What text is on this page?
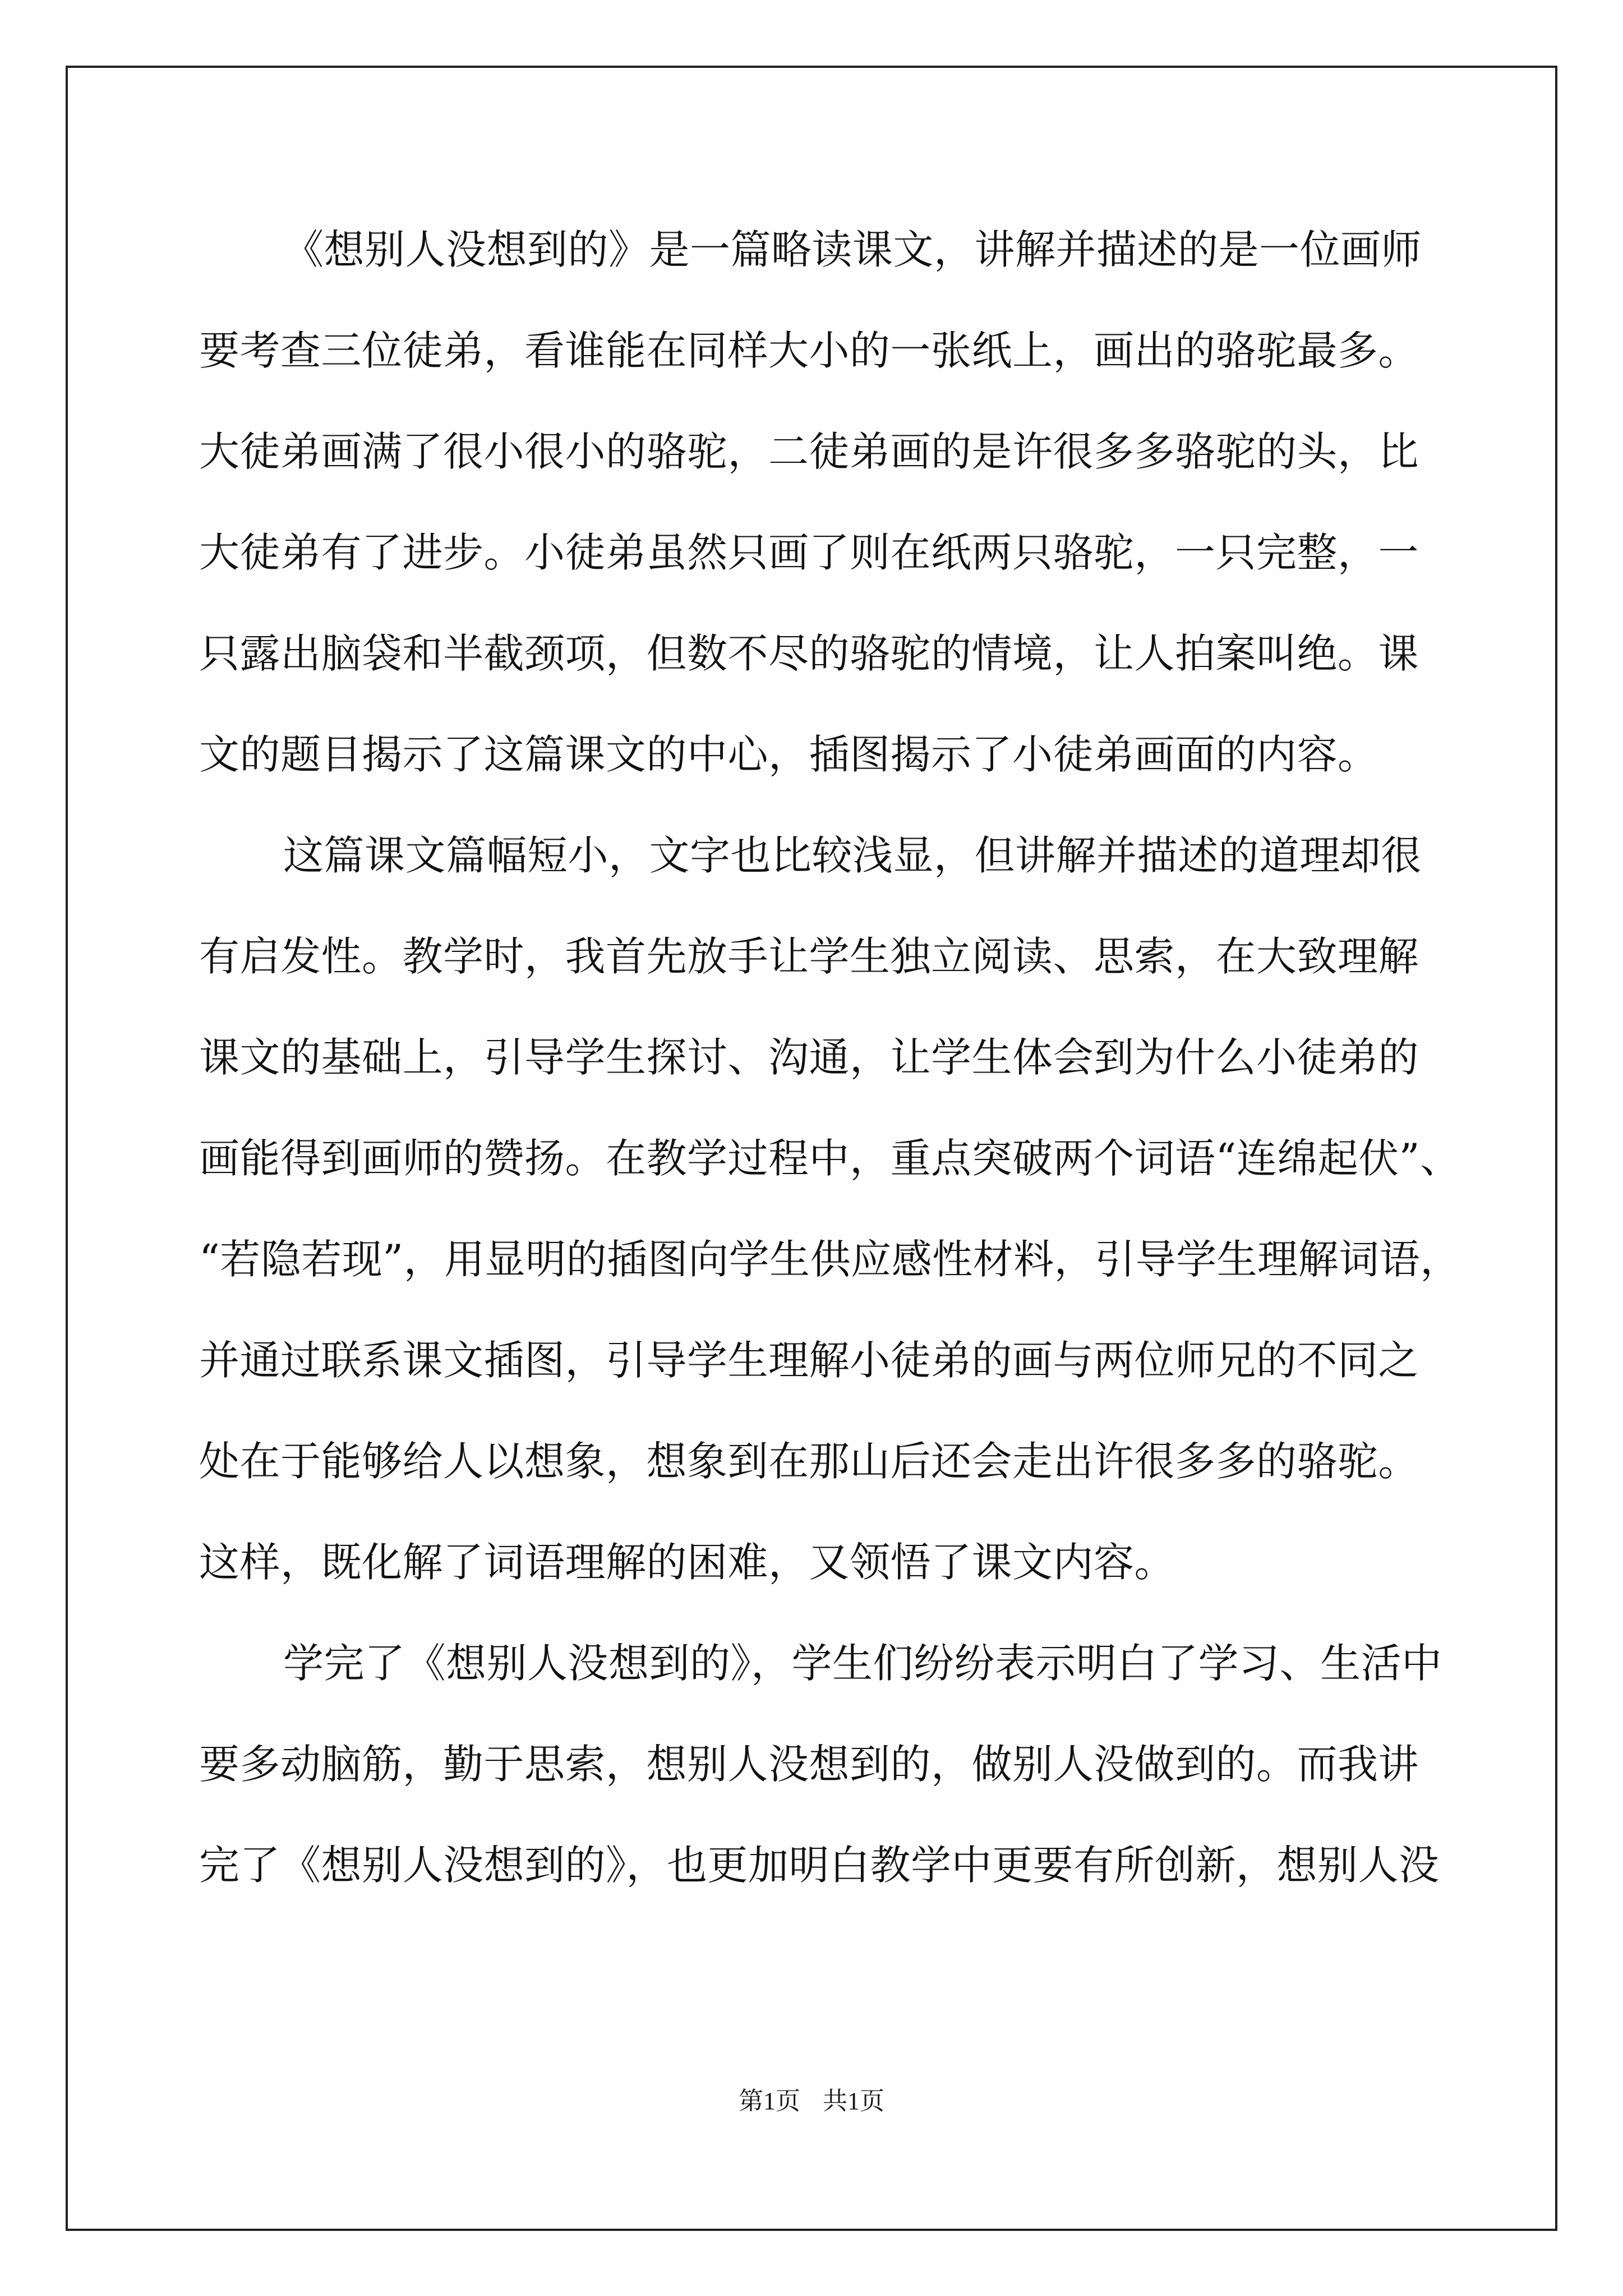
《想别人没想到的》是一篇略读课文，讲解并描述的是一位画师
要考查三位徒弟，看谁能在同样大小的一张纸上，画出的骆驼最多。
大徒弟画满了很小很小的骆驼，二徒弟画的是许很多多骆驼的头，比
大徒弟有了进步。小徒弟虽然只画了则在纸两只骆驼，一只完整，一
只露出脑袋和半截颈项，但数不尽的骆驼的情境，让人拍案叫绝。课
文的题目揭示了这篇课文的中心，插图揭示了小徒弟画面的内容。
这篇课文篇幅短小，文字也比较浅显，但讲解并描述的道理却很
有启发性。教学时，我首先放手让学生独立阅读、思索，在大致理解
课文的基础上，引导学生探讨、沟通，让学生体会到为什么小徒弟的
画能得到画师的赞扬。在教学过程中，重点突破两个词语“连绵起伏”、
“若隐若现”，用显明的插图向学生供应感性材料，引导学生理解词语，
并通过联系课文插图，引导学生理解小徒弟的画与两位师兄的不同之
处在于能够给人以想象，想象到在那山后还会走出许很多多的骆驼。
这样，既化解了词语理解的困难，又领悟了课文内容。
学完了《想别人没想到的》，学生们纷纷表示明白了学习、生活中
要多动脑筋，勤于思索，想别人没想到的，做别人没做到的。而我讲
完了《想别人没想到的》，也更加明白教学中更要有所创新，想别人没
第1页 共1页
